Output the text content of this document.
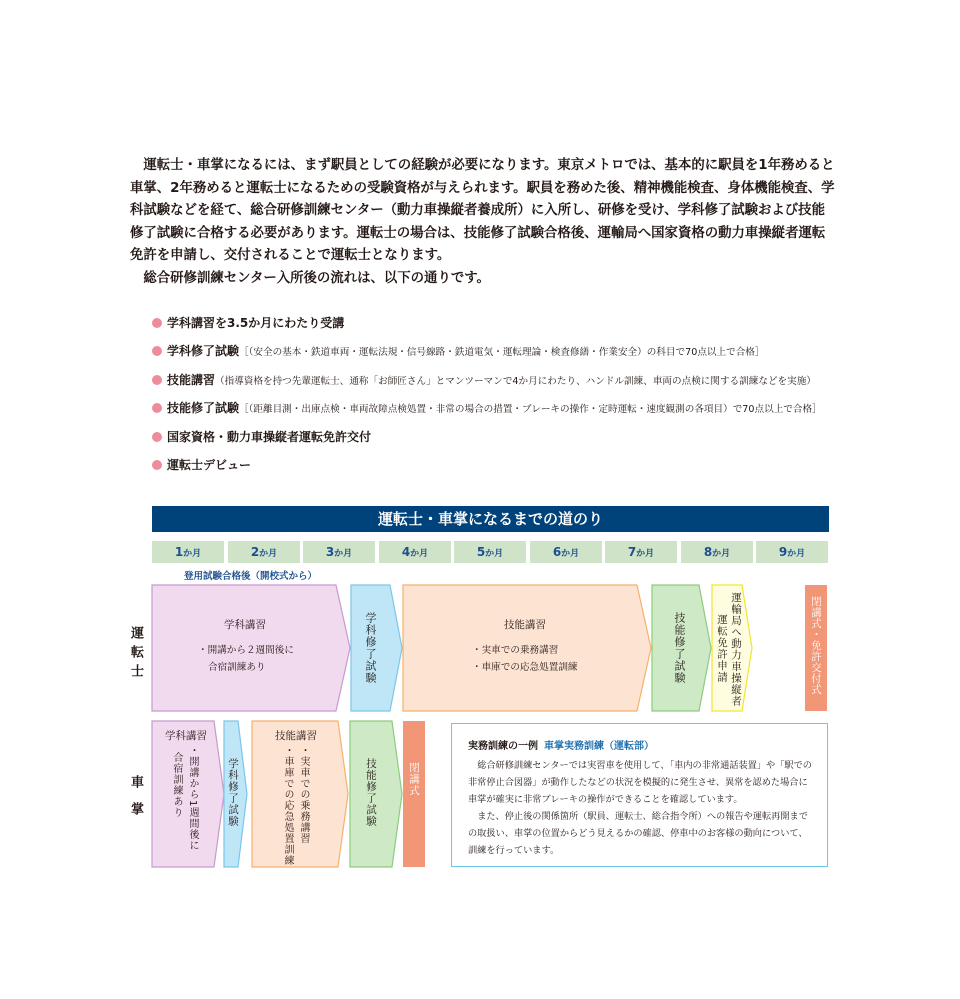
運転士・車掌になるには、まず駅員としての経験が必要になります。東京メトロでは、基本的に駅員を1年務めると車掌、2年務めると運転士になるための受験資格が与えられます。駅員を務めた後、精神機能検査、身体機能検査、学科試験などを経て、総合研修訓練センター（動力車操縦者養成所）に入所し、研修を受け、学科修了試験および技能修了試験に合格する必要があります。運転士の場合は、技能修了試験合格後、運輸局へ国家資格の動力車操縦者運転免許を申請し、交付されることで運転士となります。

総合研修訓練センター入所後の流れは、以下の通りです。

学科講習を3.5か月にわたり受講
学科修了試験［（安全の基本・鉄道車両・運転法規・信号線路・鉄道電気・運転理論・検査修繕・作業安全）の科目で70点以上で合格］
技能講習（指導資格を持つ先輩運転士、通称「お師匠さん」とマンツーマンで4か月にわたり、ハンドル訓練、車両の点検に関する訓練などを実施）
技能修了試験［（距離目測・出庫点検・車両故障点検処置・非常の場合の措置・ブレーキの操作・定時運転・速度観測の各項目）で70点以上で合格］
国家資格・動力車操縦者運転免許交付
運転士デビュー
運転士・車掌になるまでの道のり
1か月	2か月	3か月	4か月	5か月	6か月	7か月	8か月	9か月
登用試験合格後（開校式から）
運転士
車掌
学科講習
・開講から２週間後に
合宿訓練あり	学科修了試験	技能講習
・実車での乗務講習
・車庫での応急処置訓練	技能修了試験	運輸局へ動力車操縦者
運転免許申請	閉講式・免許交付式
学科講習
・開講から1週間後に
合宿訓練あり	学科修了試験
技能講習
・実車での乗務講習
・車庫での応急処置訓練	技能修了試験	閉講式
実務訓練の一例 車掌実務訓練（運転部）

総合研修訓練センターでは実習車を使用して、「車内の非常通話装置」や「駅での非常停止合図器」が動作したなどの状況を模擬的に発生させ、異常を認めた場合に車掌が確実に非常ブレーキの操作ができることを確認しています。

また、停止後の関係箇所（駅員、運転士、総合指令所）への報告や運転再開までの取扱い、車掌の位置からどう見えるかの確認、停車中のお客様の動向について、訓練を行っています。
